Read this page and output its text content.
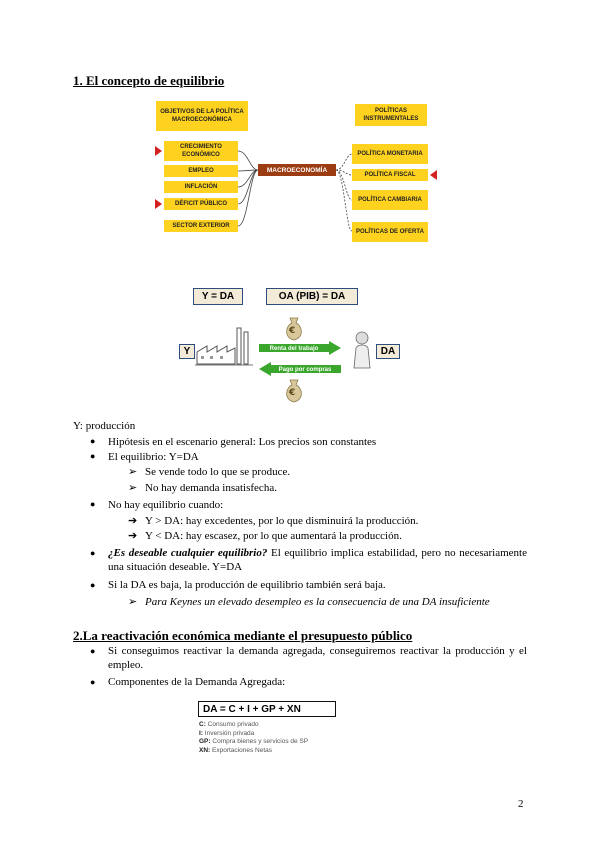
1. El concepto de equilibrio
OBJETIVOS DE LA POLÍTICA MACROECONÓMICA
CRECIMIENTO ECONÓMICO
EMPLEO
INFLACIÓN
DÉFICIT PÚBLICO
SECTOR EXTERIOR
MACROECONOMÍA
POLÍTICAS INSTRUMENTALES
POLÍTICA MONETARIA
POLÍTICA FISCAL
POLÍTICA CAMBIARIA
POLÍTICAS DE OFERTA
Y = DA	OA (PIB) = DA
Y
€
Renta del trabajo
Pago por compras
€
DA
Y: producción
● Hipótesis en el escenario general: Los precios son constantes
● El equilibrio: Y=DA
➢ Se vende todo lo que se produce.
➢ No hay demanda insatisfecha.
● No hay equilibrio cuando:
➔ Y > DA: hay excedentes, por lo que disminuirá la producción.
➔ Y < DA: hay escasez, por lo que aumentará la producción.
● ¿Es deseable cualquier equilibrio? El equilibrio implica estabilidad, pero no necesariamente una situación deseable. Y=DA
● Si la DA es baja, la producción de equilibrio también será baja.
➢ Para Keynes un elevado desempleo es la consecuencia de una DA insuficiente
2.La reactivación económica mediante el presupuesto público
● Si conseguimos reactivar la demanda agregada, conseguiremos reactivar la producción y el empleo.
● Componentes de la Demanda Agregada:
DA = C + I + GP + XN
C: Consumo privado
I: Inversión privada
GP: Compra bienes y servicios de SP
XN: Exportaciones Netas
2
